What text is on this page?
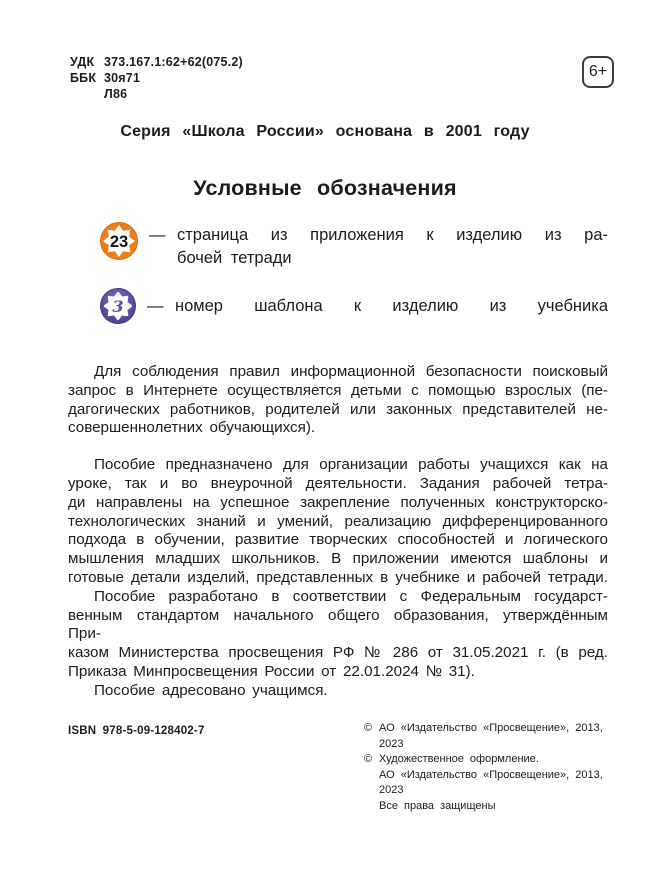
УДК 373.167.1:62+62(075.2)
ББК 30я71
Л86
6+
Серия «Школа России» основана в 2001 году
Условные обозначения
23 — страница из приложения к изделию из ра-
бочей тетради
3 — номер шаблона к изделию из учебника
Для соблюдения правил информационной безопасности поисковый
запрос в Интернете осуществляется детьми с помощью взрослых (пе-
дагогических работников, родителей или законных представителей не-
совершеннолетних обучающихся).
Пособие предназначено для организации работы учащихся как на
уроке, так и во внеурочной деятельности. Задания рабочей тетра-
ди направлены на успешное закрепление полученных конструкторско-
технологических знаний и умений, реализацию дифференцированного
подхода в обучении, развитие творческих способностей и логического
мышления младших школьников. В приложении имеются шаблоны и
готовые детали изделий, представленных в учебнике и рабочей тетради.
Пособие разработано в соответствии с Федеральным государст-
венным стандартом начального общего образования, утверждённым При-
казом Министерства просвещения РФ № 286 от 31.05.2021 г. (в ред.
Приказа Минпросвещения России от 22.01.2024 № 31).
Пособие адресовано учащимся.
ISBN 978-5-09-128402-7	© АО «Издательство «Просвещение», 2013, 2023
© Художественное оформление.
АО «Издательство «Просвещение», 2013, 2023
Все права защищены
